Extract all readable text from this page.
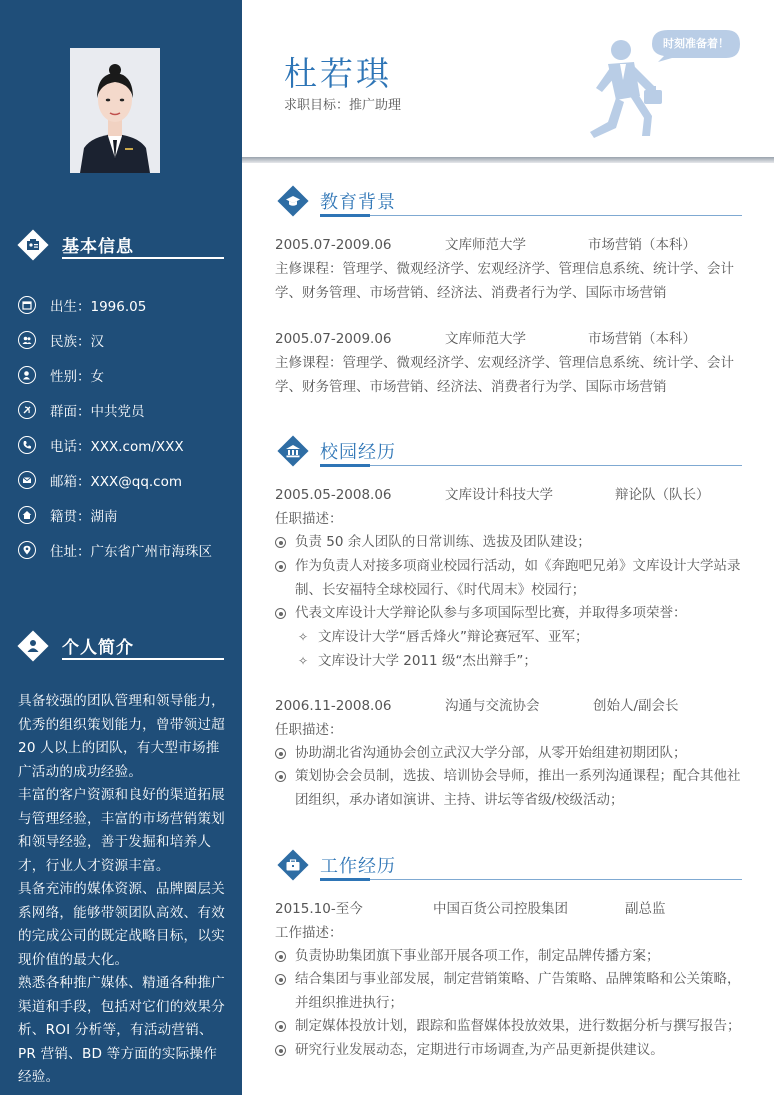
基本信息
出生：1996.05
民族：汉
性别：女
群面：中共党员
电话：XXX.com/XXX
邮箱：XXX@qq.com
籍贯：湖南
住址：广东省广州市海珠区
个人简介

具备较强的团队管理和领导能力，优秀的组织策划能力，曾带领过超 20 人以上的团队，有大型市场推广活动的成功经验。

丰富的客户资源和良好的渠道拓展与管理经验，丰富的市场营销策划和领导经验，善于发掘和培养人才，行业人才资源丰富。

具备充沛的媒体资源、品牌圈层关系网络，能够带领团队高效、有效的完成公司的既定战略目标，以实现价值的最大化。

熟悉各种推广媒体、精通各种推广渠道和手段，包括对它们的效果分析、ROI 分析等，有活动营销、PR 营销、BD 等方面的实际操作经验。

杜若琪
求职目标：推广助理
时刻准备着！
教育背景
2005.07-2009.06	文库师范大学	市场营销（本科）
主修课程：管理学、微观经济学、宏观经济学、管理信息系统、统计学、会计学、财务管理、市场营销、经济法、消费者行为学、国际市场营销
2005.07-2009.06	文库师范大学	市场营销（本科）
主修课程：管理学、微观经济学、宏观经济学、管理信息系统、统计学、会计学、财务管理、市场营销、经济法、消费者行为学、国际市场营销
校园经历
2005.05-2008.06	文库设计科技大学	辩论队（队长）
任职描述：
负责 50 余人团队的日常训练、选拔及团队建设；
作为负责人对接多项商业校园行活动，如《奔跑吧兄弟》文库设计大学站录制、长安福特全球校园行、《时代周末》校园行；
代表文库设计大学辩论队参与多项国际型比赛，并取得多项荣誉：
✧ 文库设计大学“唇舌烽火”辩论赛冠军、亚军；
✧ 文库设计大学 2011 级“杰出辩手”；
2006.11-2008.06	沟通与交流协会	创始人/副会长
任职描述：
协助湖北省沟通协会创立武汉大学分部，从零开始组建初期团队；
策划协会会员制，选拔、培训协会导师，推出一系列沟通课程；配合其他社团组织，承办诸如演讲、主持、讲坛等省级/校级活动；
工作经历
2015.10-至今	中国百货公司控股集团	副总监
工作描述：
负责协助集团旗下事业部开展各项工作，制定品牌传播方案；
结合集团与事业部发展，制定营销策略、广告策略、品牌策略和公关策略，并组织推进执行；
制定媒体投放计划，跟踪和监督媒体投放效果，进行数据分析与撰写报告；
研究行业发展动态，定期进行市场调查,为产品更新提供建议。
